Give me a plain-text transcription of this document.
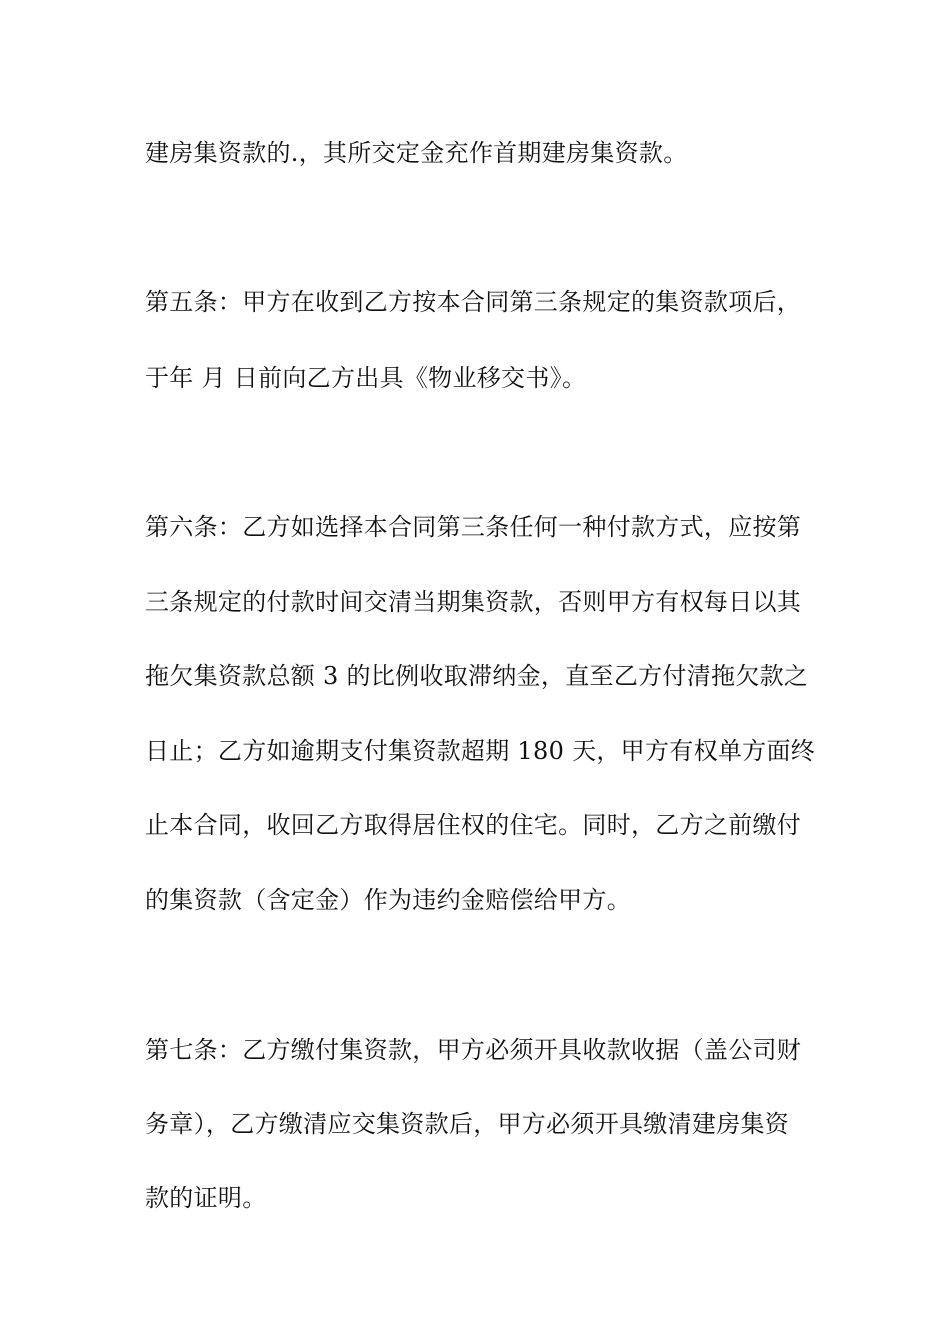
建房集资款的.，其所交定金充作首期建房集资款。
第五条：甲方在收到乙方按本合同第三条规定的集资款项后，
于年 月 日前向乙方出具《物业移交书》。
第六条：乙方如选择本合同第三条任何一种付款方式，应按第
三条规定的付款时间交清当期集资款，否则甲方有权每日以其
拖欠集资款总额 3 的比例收取滞纳金，直至乙方付清拖欠款之
日止；乙方如逾期支付集资款超期 180 天，甲方有权单方面终
止本合同，收回乙方取得居住权的住宅。同时，乙方之前缴付
的集资款（含定金）作为违约金赔偿给甲方。
第七条：乙方缴付集资款，甲方必须开具收款收据（盖公司财
务章），乙方缴清应交集资款后，甲方必须开具缴清建房集资
款的证明。
